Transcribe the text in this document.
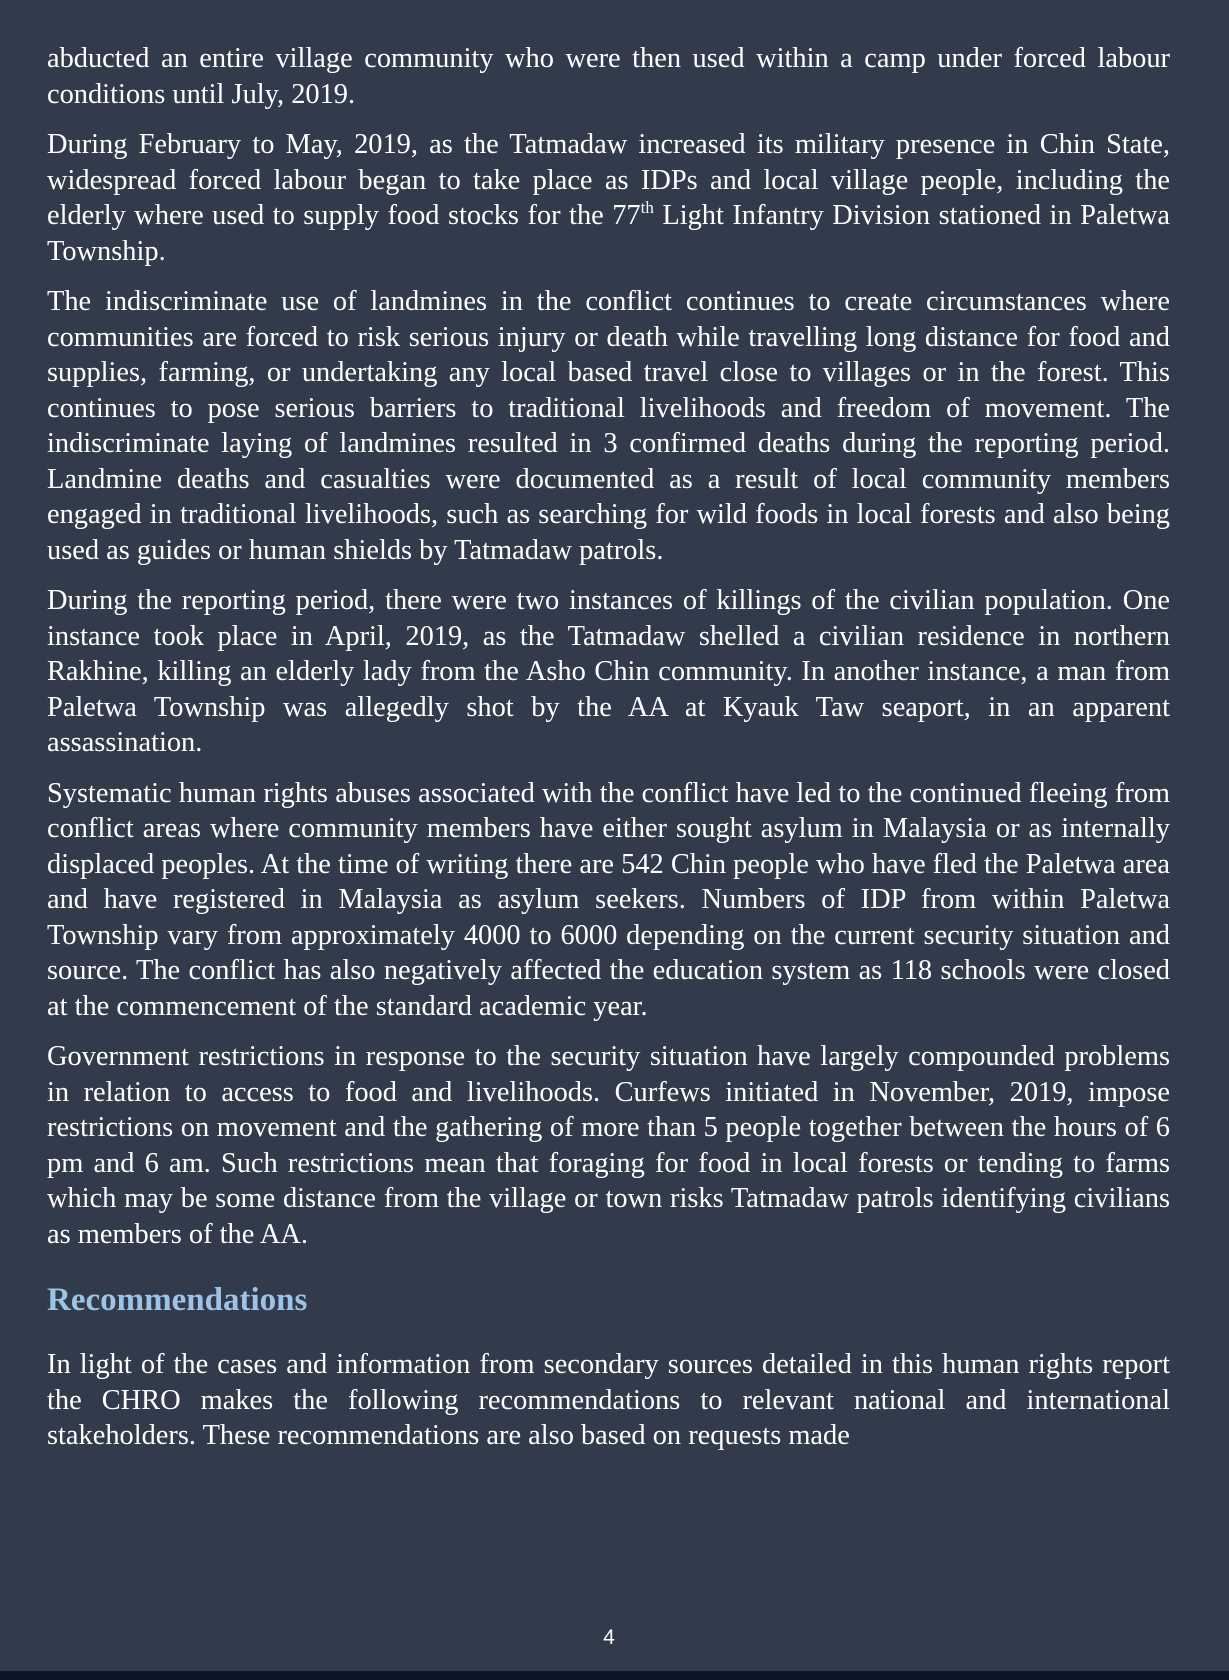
abducted an entire village community who were then used within a camp under forced labour conditions until July, 2019.

During February to May, 2019, as the Tatmadaw increased its military presence in Chin State, widespread forced labour began to take place as IDPs and local village people, including the elderly where used to supply food stocks for the 77th Light Infantry Division stationed in Paletwa Township.

The indiscriminate use of landmines in the conflict continues to create circumstances where communities are forced to risk serious injury or death while travelling long distance for food and supplies, farming, or undertaking any local based travel close to villages or in the forest. This continues to pose serious barriers to traditional livelihoods and freedom of movement. The indiscriminate laying of landmines resulted in 3 confirmed deaths during the reporting period. Landmine deaths and casualties were documented as a result of local community members engaged in traditional livelihoods, such as searching for wild foods in local forests and also being used as guides or human shields by Tatmadaw patrols.

During the reporting period, there were two instances of killings of the civilian population. One instance took place in April, 2019, as the Tatmadaw shelled a civilian residence in northern Rakhine, killing an elderly lady from the Asho Chin community. In another instance, a man from Paletwa Township was allegedly shot by the AA at Kyauk Taw seaport, in an apparent assassination.

Systematic human rights abuses associated with the conflict have led to the continued fleeing from conflict areas where community members have either sought asylum in Malaysia or as internally displaced peoples. At the time of writing there are 542 Chin people who have fled the Paletwa area and have registered in Malaysia as asylum seekers. Numbers of IDP from within Paletwa Township vary from approximately 4000 to 6000 depending on the current security situation and source. The conflict has also negatively affected the education system as 118 schools were closed at the commencement of the standard academic year.

Government restrictions in response to the security situation have largely compounded problems in relation to access to food and livelihoods. Curfews initiated in November, 2019, impose restrictions on movement and the gathering of more than 5 people together between the hours of 6 pm and 6 am. Such restrictions mean that foraging for food in local forests or tending to farms which may be some distance from the village or town risks Tatmadaw patrols identifying civilians as members of the AA.

Recommendations

In light of the cases and information from secondary sources detailed in this human rights report the CHRO makes the following recommendations to relevant national and international stakeholders. These recommendations are also based on requests made

4
